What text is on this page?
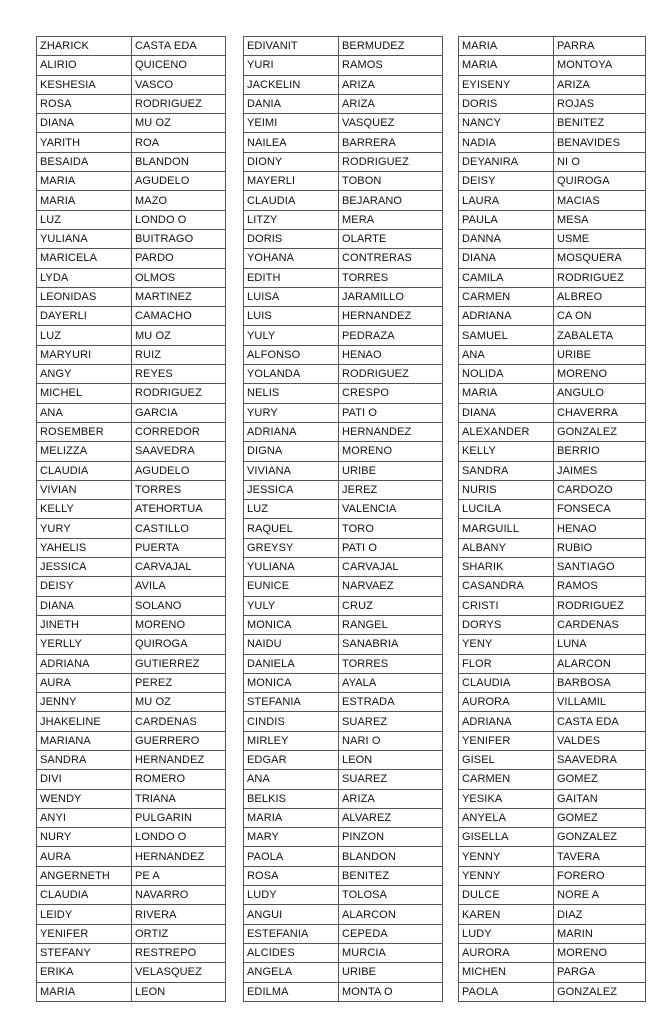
ZHARICK	CASTA EDA
ALIRIO	QUICENO
KESHESIA	VASCO
ROSA	RODRIGUEZ
DIANA	MU OZ
YARITH	ROA
BESAIDA	BLANDON
MARIA	AGUDELO
MARIA	MAZO
LUZ	LONDO O
YULIANA	BUITRAGO
MARICELA	PARDO
LYDA	OLMOS
LEONIDAS	MARTINEZ
DAYERLI	CAMACHO
LUZ	MU OZ
MARYURI	RUIZ
ANGY	REYES
MICHEL	RODRIGUEZ
ANA	GARCIA
ROSEMBER	CORREDOR
MELIZZA	SAAVEDRA
CLAUDIA	AGUDELO
VIVIAN	TORRES
KELLY	ATEHORTUA
YURY	CASTILLO
YAHELIS	PUERTA
JESSICA	CARVAJAL
DEISY	AVILA
DIANA	SOLANO
JINETH	MORENO
YERLLY	QUIROGA
ADRIANA	GUTIERREZ
AURA	PEREZ
JENNY	MU OZ
JHAKELINE	CARDENAS
MARIANA	GUERRERO
SANDRA	HERNANDEZ
DIVI	ROMERO
WENDY	TRIANA
ANYI	PULGARIN
NURY	LONDO O
AURA	HERNANDEZ
ANGERNETH	PE A
CLAUDIA	NAVARRO
LEIDY	RIVERA
YENIFER	ORTIZ
STEFANY	RESTREPO
ERIKA	VELASQUEZ
MARIA	LEON
EDIVANIT	BERMUDEZ
YURI	RAMOS
JACKELIN	ARIZA
DANIA	ARIZA
YEIMI	VASQUEZ
NAILEA	BARRERA
DIONY	RODRIGUEZ
MAYERLI	TOBON
CLAUDIA	BEJARANO
LITZY	MERA
DORIS	OLARTE
YOHANA	CONTRERAS
EDITH	TORRES
LUISA	JARAMILLO
LUIS	HERNANDEZ
YULY	PEDRAZA
ALFONSO	HENAO
YOLANDA	RODRIGUEZ
NELIS	CRESPO
YURY	PATI O
ADRIANA	HERNANDEZ
DIGNA	MORENO
VIVIANA	URIBE
JESSICA	JEREZ
LUZ	VALENCIA
RAQUEL	TORO
GREYSY	PATI O
YULIANA	CARVAJAL
EUNICE	NARVAEZ
YULY	CRUZ
MONICA	RANGEL
NAIDU	SANABRIA
DANIELA	TORRES
MONICA	AYALA
STEFANIA	ESTRADA
CINDIS	SUAREZ
MIRLEY	NARI O
EDGAR	LEON
ANA	SUAREZ
BELKIS	ARIZA
MARIA	ALVAREZ
MARY	PINZON
PAOLA	BLANDON
ROSA	BENITEZ
LUDY	TOLOSA
ANGUI	ALARCON
ESTEFANIA	CEPEDA
ALCIDES	MURCIA
ANGELA	URIBE
EDILMA	MONTA O
MARIA	PARRA
MARIA	MONTOYA
EYISENY	ARIZA
DORIS	ROJAS
NANCY	BENITEZ
NADIA	BENAVIDES
DEYANIRA	NI O
DEISY	QUIROGA
LAURA	MACIAS
PAULA	MESA
DANNA	USME
DIANA	MOSQUERA
CAMILA	RODRIGUEZ
CARMEN	ALBREO
ADRIANA	CA ON
SAMUEL	ZABALETA
ANA	URIBE
NOLIDA	MORENO
MARIA	ANGULO
DIANA	CHAVERRA
ALEXANDER	GONZALEZ
KELLY	BERRIO
SANDRA	JAIMES
NURIS	CARDOZO
LUCILA	FONSECA
MARGUILL	HENAO
ALBANY	RUBIO
SHARIK	SANTIAGO
CASANDRA	RAMOS
CRISTI	RODRIGUEZ
DORYS	CARDENAS
YENY	LUNA
FLOR	ALARCON
CLAUDIA	BARBOSA
AURORA	VILLAMIL
ADRIANA	CASTA EDA
YENIFER	VALDES
GISEL	SAAVEDRA
CARMEN	GOMEZ
YESIKA	GAITAN
ANYELA	GOMEZ
GISELLA	GONZALEZ
YENNY	TAVERA
YENNY	FORERO
DULCE	NORE A
KAREN	DIAZ
LUDY	MARIN
AURORA	MORENO
MICHEN	PARGA
PAOLA	GONZALEZ
